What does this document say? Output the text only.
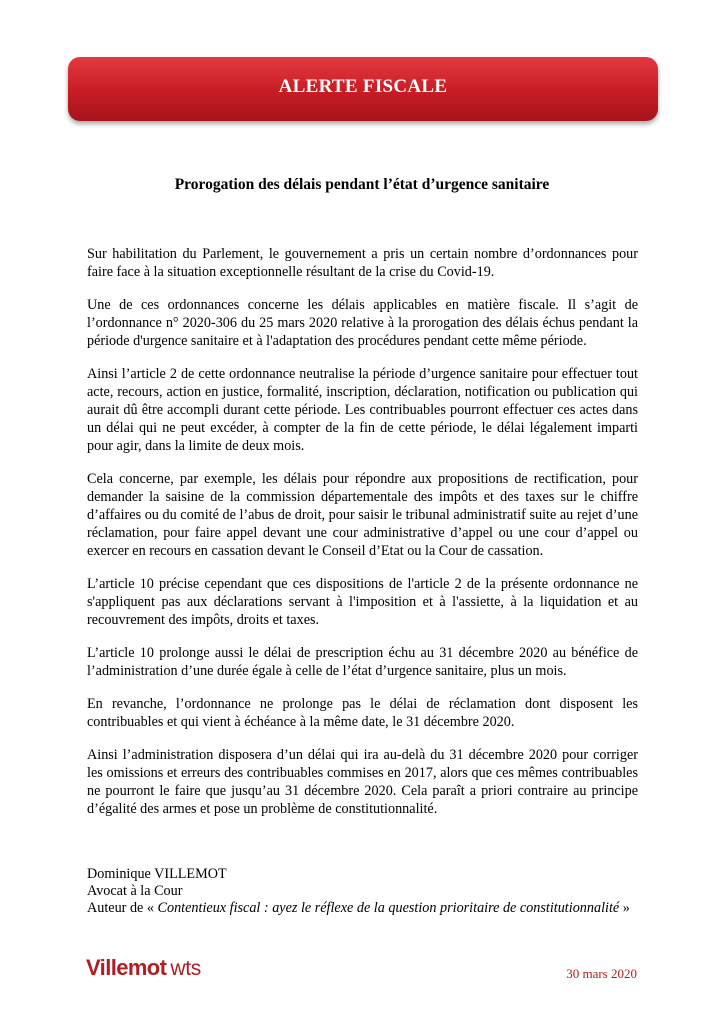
ALERTE FISCALE
Prorogation des délais pendant l’état d’urgence sanitaire

Sur habilitation du Parlement, le gouvernement a pris un certain nombre d’ordonnances pour faire face à la situation exceptionnelle résultant de la crise du Covid-19.

Une de ces ordonnances concerne les délais applicables en matière fiscale. Il s’agit de l’ordonnance n° 2020-306 du 25 mars 2020 relative à la prorogation des délais échus pendant la période d'urgence sanitaire et à l'adaptation des procédures pendant cette même période.

Ainsi l’article 2 de cette ordonnance neutralise la période d’urgence sanitaire pour effectuer tout acte, recours, action en justice, formalité, inscription, déclaration, notification ou publication qui aurait dû être accompli durant cette période. Les contribuables pourront effectuer ces actes dans un délai qui ne peut excéder, à compter de la fin de cette période, le délai légalement imparti pour agir, dans la limite de deux mois.

Cela concerne, par exemple, les délais pour répondre aux propositions de rectification, pour demander la saisine de la commission départementale des impôts et des taxes sur le chiffre d’affaires ou du comité de l’abus de droit, pour saisir le tribunal administratif suite au rejet d’une réclamation, pour faire appel devant une cour administrative d’appel ou une cour d’appel ou exercer en recours en cassation devant le Conseil d’Etat ou la Cour de cassation.

L’article 10 précise cependant que ces dispositions de l'article 2 de la présente ordonnance ne s'appliquent pas aux déclarations servant à l'imposition et à l'assiette, à la liquidation et au recouvrement des impôts, droits et taxes.

L’article 10 prolonge aussi le délai de prescription échu au 31 décembre 2020 au bénéfice de l’administration d’une durée égale à celle de l’état d’urgence sanitaire, plus un mois.

En revanche, l’ordonnance ne prolonge pas le délai de réclamation dont disposent les contribuables et qui vient à échéance à la même date, le 31 décembre 2020.

Ainsi l’administration disposera d’un délai qui ira au-delà du 31 décembre 2020 pour corriger les omissions et erreurs des contribuables commises en 2017, alors que ces mêmes contribuables ne pourront le faire que jusqu’au 31 décembre 2020. Cela paraît a priori contraire au principe d’égalité des armes et pose un problème de constitutionnalité.

Dominique VILLEMOT
Avocat à la Cour
Auteur de « Contentieux fiscal : ayez le réflexe de la question prioritaire de constitutionnalité »
Villemot wts	30 mars 2020
